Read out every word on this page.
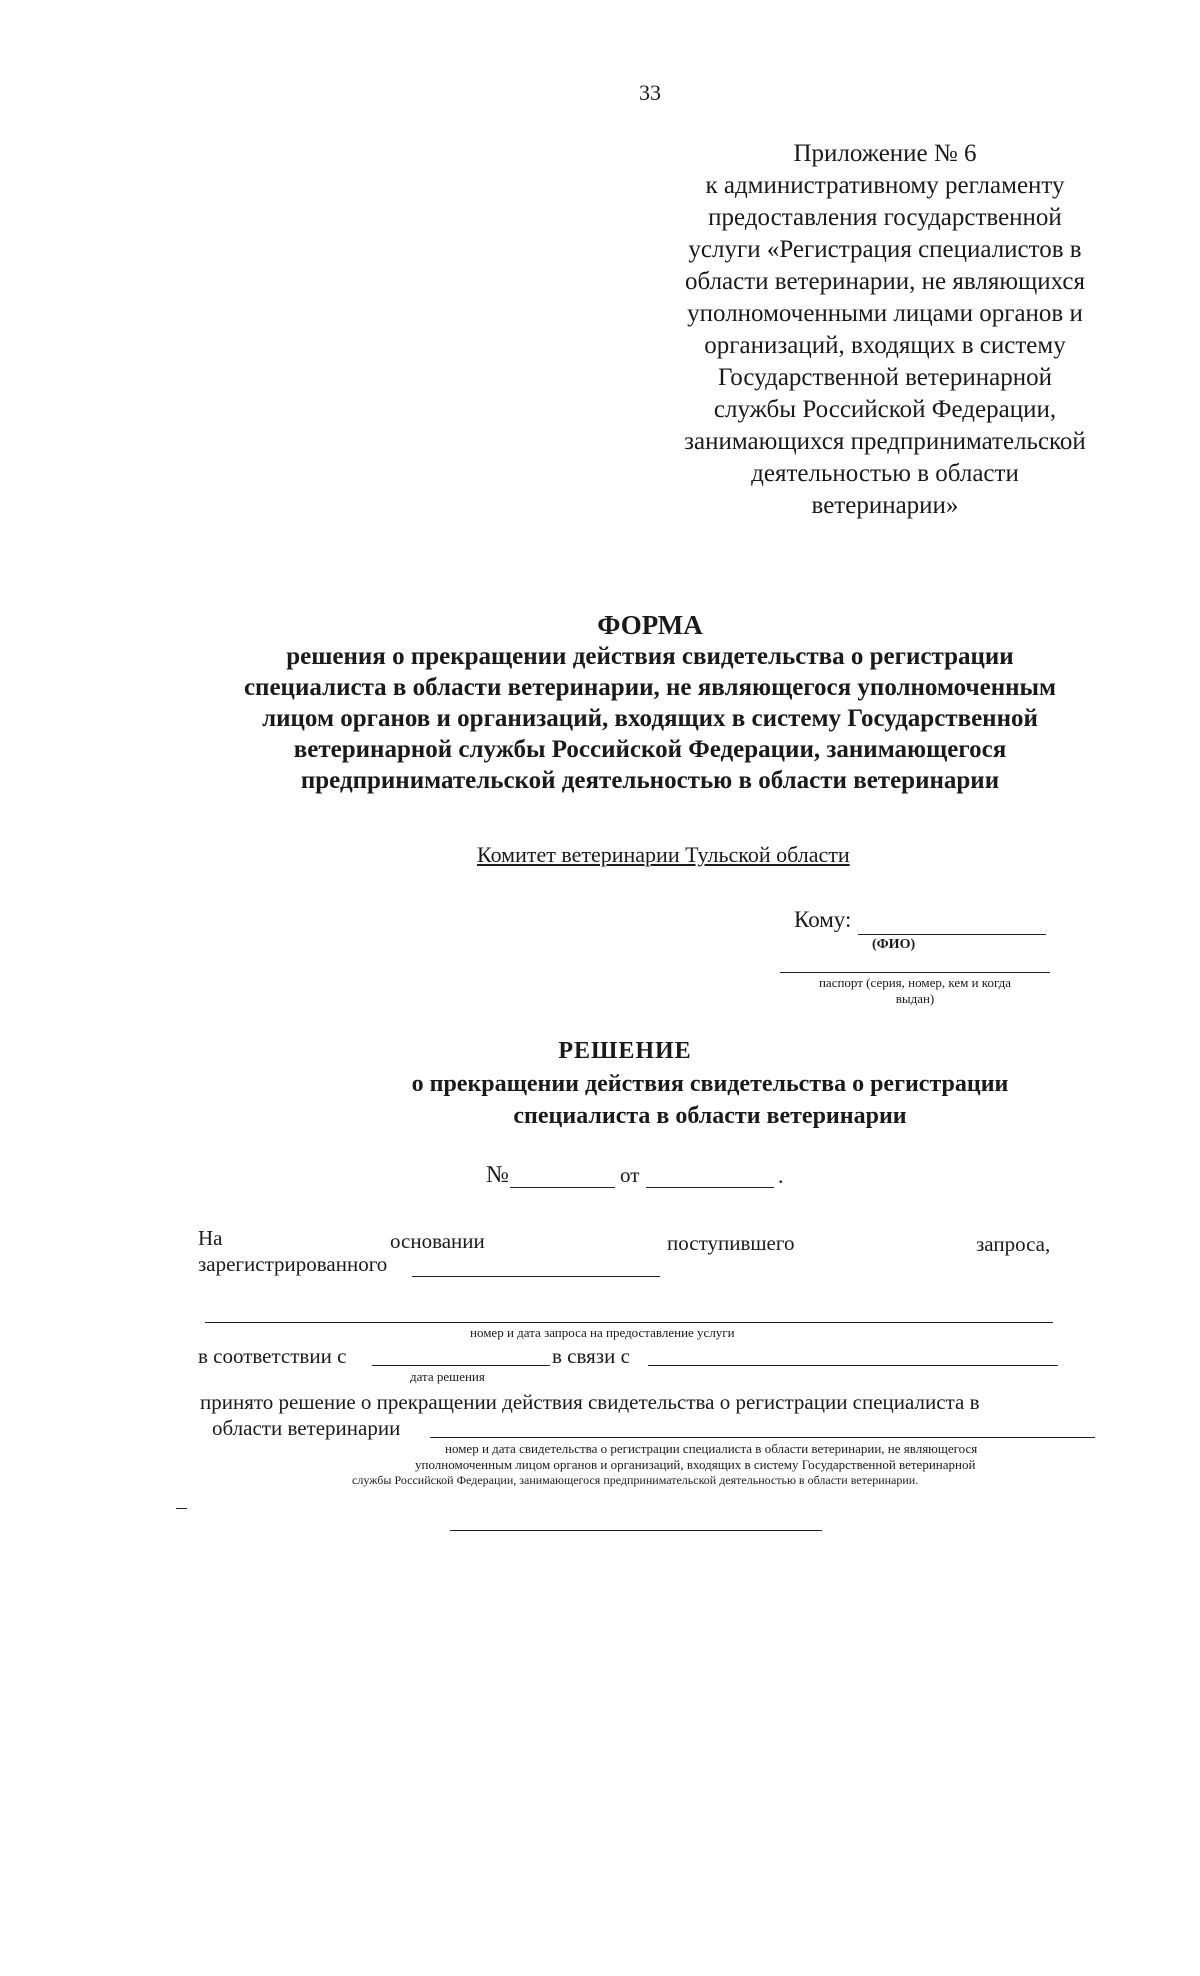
33
Приложение № 6
к административному регламенту
предоставления государственной
услуги «Регистрация специалистов в
области ветеринарии, не являющихся
уполномоченными лицами органов и
организаций, входящих в систему
Государственной ветеринарной
службы Российской Федерации,
занимающихся предпринимательской
деятельностью в области
ветеринарии»
ФОРМА
решения о прекращении действия свидетельства о регистрации
специалиста в области ветеринарии, не являющегося уполномоченным
лицом органов и организаций, входящих в систему Государственной
ветеринарной службы Российской Федерации, занимающегося
предпринимательской деятельностью в области ветеринарии
Комитет ветеринарии Тульской области
Кому:
(ФИО)
паспорт (серия, номер, кем и когда
выдан)
РЕШЕНИЕ
о прекращении действия свидетельства о регистрации
специалиста в области ветеринарии
№	от	.
На	основании	поступившего	запроса,
зарегистрированного
номер и дата запроса на предоставление услуги
в соответствии с
дата решения
в связи с
принято решение о прекращении действия свидетельства о регистрации специалиста в
области ветеринарии
номер и дата свидетельства о регистрации специалиста в области ветеринарии, не являющегося
уполномоченным лицом органов и организаций, входящих в систему Государственной ветеринарной
службы Российской Федерации, занимающегося предпринимательской деятельностью в области ветеринарии.
